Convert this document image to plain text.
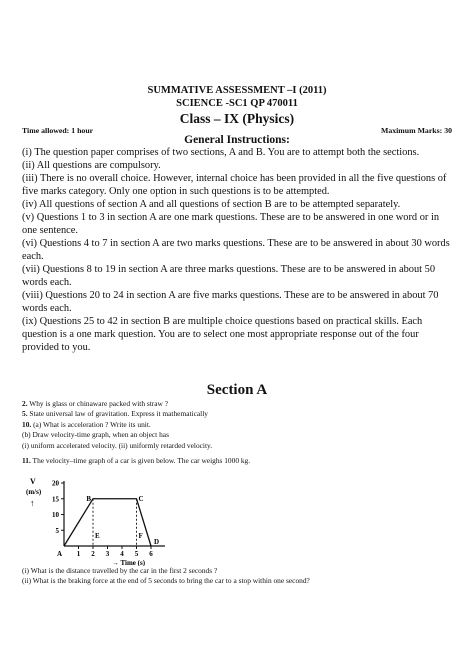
SUMMATIVE ASSESSMENT –I (2011)
SCIENCE -SC1 QP 470011
Class – IX (Physics)
Time allowed: 1 hour	Maximum Marks: 30
General Instructions:

(i) The question paper comprises of two sections, A and B. You are to attempt both the sections.

(ii) All questions are compulsory.

(iii) There is no overall choice. However, internal choice has been provided in all the five questions of five marks category. Only one option in such questions is to be attempted.

(iv) All questions of section A and all questions of section B are to be attempted separately.

(v) Questions 1 to 3 in section A are one mark questions. These are to be answered in one word or in one sentence.

(vi) Questions 4 to 7 in section A are two marks questions. These are to be answered in about 30 words each.

(vii) Questions 8 to 19 in section A are three marks questions. These are to be answered in about 50 words each.

(viii) Questions 20 to 24 in section A are five marks questions. These are to be answered in about 70 words each.

(ix) Questions 25 to 42 in section B are multiple choice questions based on practical skills. Each question is a one mark question. You are to select one most appropriate response out of the four provided to you.

Section A

2. Why is glass or chinaware packed with straw ?

5. State universal law of gravitation. Express it mathematically

10. (a) What is acceleration ? Write its unit.

(b) Draw velocity-time graph, when an object has

(i) uniform accelerated velocity. (ii) uniformly retarded velocity.

11. The velocity–time graph of a car is given below. The car weighs 1000 kg.
V
(m/s)
↑
20
15
10
5
1 2 3 4 5 6
A
B	C
D
E	F
→ Time (s)

(i) What is the distance travelled by the car in the first 2 seconds ?

(ii) What is the braking force at the end of 5 seconds to bring the car to a stop within one second?
